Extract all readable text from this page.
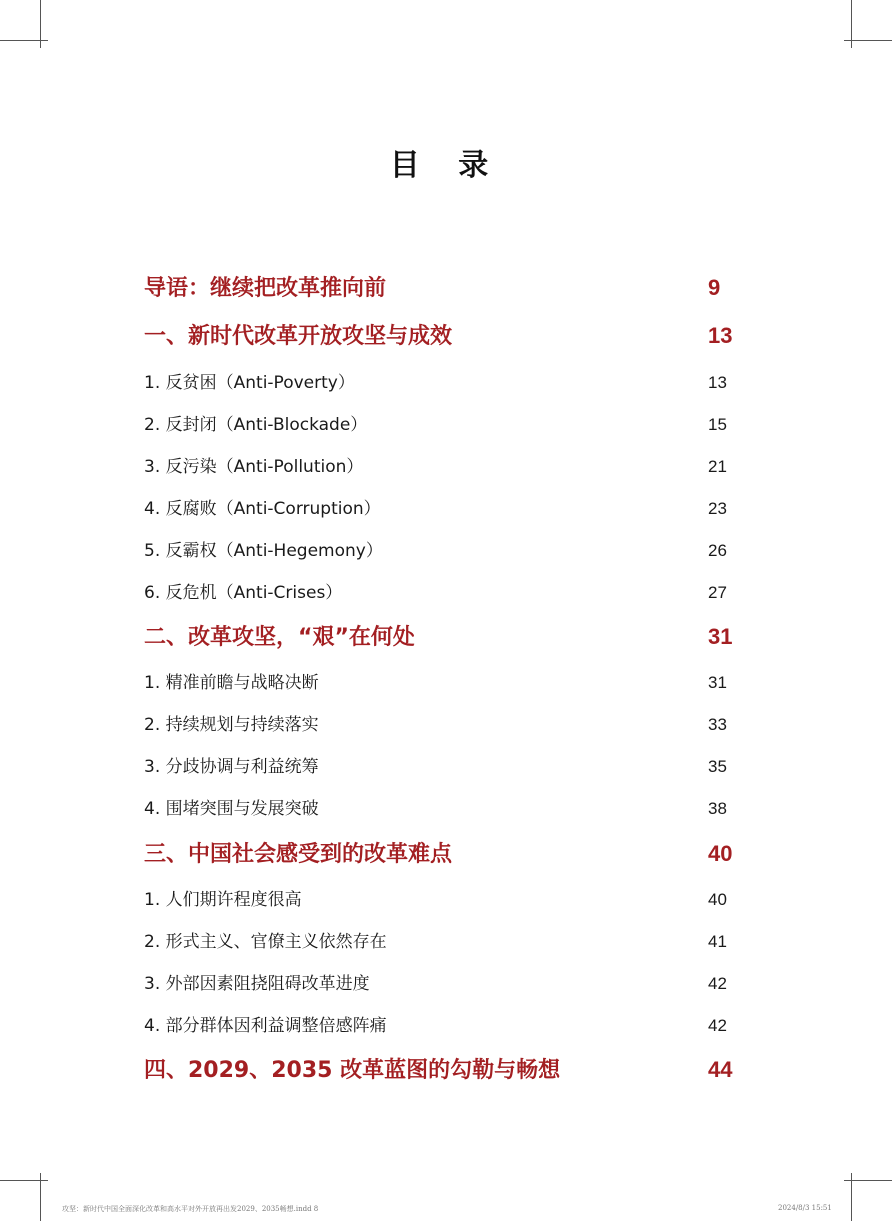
目 录
导语：继续把改革推向前	9
一、新时代改革开放攻坚与成效	13
1. 反贫困（Anti-Poverty）	13
2. 反封闭（Anti-Blockade）	15
3. 反污染（Anti-Pollution）	21
4. 反腐败（Anti-Corruption）	23
5. 反霸权（Anti-Hegemony）	26
6. 反危机（Anti-Crises）	27
二、改革攻坚，“艰”在何处	31
1. 精准前瞻与战略决断	31
2. 持续规划与持续落实	33
3. 分歧协调与利益统筹	35
4. 围堵突围与发展突破	38
三、中国社会感受到的改革难点	40
1. 人们期许程度很高	40
2. 形式主义、官僚主义依然存在	41
3. 外部因素阻挠阻碍改革进度	42
4. 部分群体因利益调整倍感阵痛	42
四、2029、2035 改革蓝图的勾勒与畅想	44
攻坚：新时代中国全面深化改革和高水平对外开放再出发2029、2035畅想.indd 8	2024/8/3 15:51
